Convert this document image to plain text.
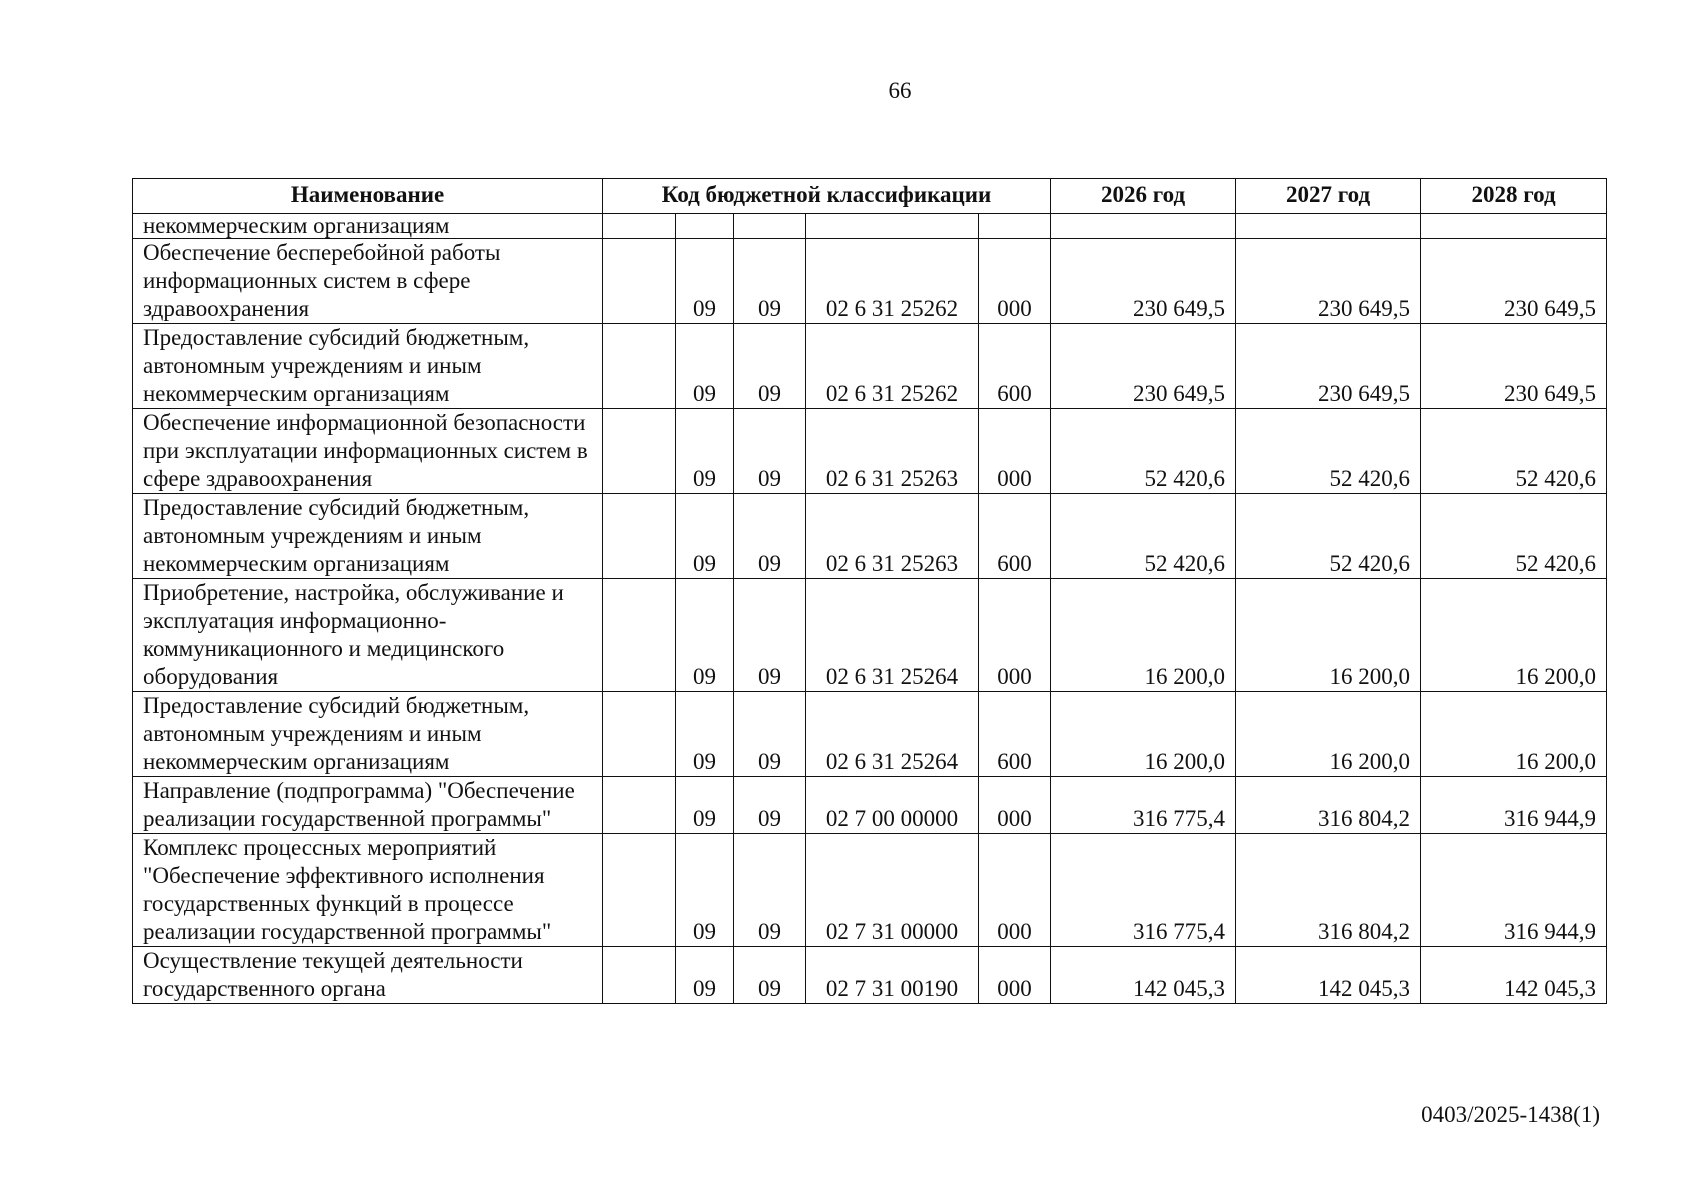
66
Наименование	Код бюджетной классификации					2026 год	2027 год	2028 год
некоммерческим организациям								
Обеспечение бесперебойной работы информационных систем в сфере здравоохранения		09	09	02 6 31 25262	000	230 649,5	230 649,5	230 649,5
Предоставление субсидий бюджетным, автономным учреждениям и иным некоммерческим организациям		09	09	02 6 31 25262	600	230 649,5	230 649,5	230 649,5
Обеспечение информационной безопасности при эксплуатации информационных систем в сфере здравоохранения		09	09	02 6 31 25263	000	52 420,6	52 420,6	52 420,6
Предоставление субсидий бюджетным, автономным учреждениям и иным некоммерческим организациям		09	09	02 6 31 25263	600	52 420,6	52 420,6	52 420,6
Приобретение, настройка, обслуживание и эксплуатация информационно-коммуникационного и медицинского оборудования		09	09	02 6 31 25264	000	16 200,0	16 200,0	16 200,0
Предоставление субсидий бюджетным, автономным учреждениям и иным некоммерческим организациям		09	09	02 6 31 25264	600	16 200,0	16 200,0	16 200,0
Направление (подпрограмма) "Обеспечение реализации государственной программы"		09	09	02 7 00 00000	000	316 775,4	316 804,2	316 944,9
Комплекс процессных мероприятий "Обеспечение эффективного исполнения государственных функций в процессе реализации государственной программы"		09	09	02 7 31 00000	000	316 775,4	316 804,2	316 944,9
Осуществление текущей деятельности государственного органа		09	09	02 7 31 00190	000	142 045,3	142 045,3	142 045,3
0403/2025-1438(1)
